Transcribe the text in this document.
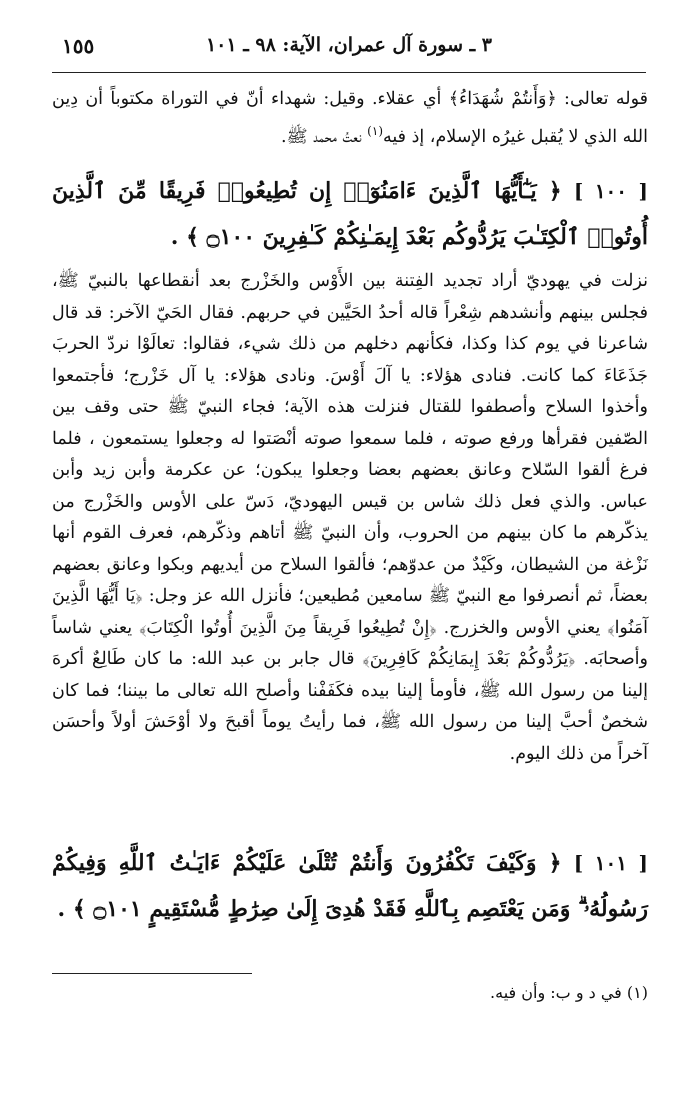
٣ ـ سورة آل عمران، الآية: ٩٨ ـ ١٠١
١٥٥
قوله تعالى: ﴿وَأَنتُمْ شُهَدَاءُ﴾ أي عقلاء. وقيل: شهداء أنّ في التوراة مكتوباً أن دِين الله الذي لا يُقبل غيرُه الإسلام، إذ فيه$^{(١)}$ نعتُ محمد ﷺ.
[ ١٠٠ ] ﴿ يَـٰٓأَيُّهَا ٱلَّذِينَ ءَامَنُوٓا۟ إِن تُطِيعُوا۟ فَرِيقًا مِّنَ ٱلَّذِينَ أُوتُوا۟ ٱلْكِتَـٰبَ يَرُدُّوكُم بَعْدَ إِيمَـٰنِكُمْ كَـٰفِرِينَ ۝١٠٠ ﴾ .
نزلت في يهوديّ أراد تجديد الفِتنة بين الأَوْس والخَزْرج بعد أنقطاعها بالنبيّ ﷺ، فجلس بينهم وأنشدهم شِعْراً قاله أحدُ الحَيَّين في حربهم. فقال الحَيّ الآخر: قد قال شاعرنا في يوم كذا وكذا، فكأنهم دخلهم من ذلك شيء، فقالوا: تعالَوْا نردّ الحربَ جَذَعَاءَ كما كانت. فنادى هؤلاء: يا آلَ أَوْسَ. ونادى هؤلاء: يا آل خَزْرج؛ فأجتمعوا وأخذوا السلاح وأصطفوا للقتال فنزلت هذه الآية؛ فجاء النبيّ ﷺ حتى وقف بين الصّفين فقرأها ورفع صوته ، فلما سمعوا صوته أنْصَتوا له وجعلوا يستمعون ، فلما فرغ ألقوا السّلاح وعانق بعضهم بعضا وجعلوا يبكون؛ عن عكرمة وأبن زيد وأبن عباس. والذي فعل ذلك شاس بن قيس اليهوديّ، دَسّ على الأوس والخَزْرج من يذكّرهم ما كان بينهم من الحروب، وأن النبيّ ﷺ أتاهم وذكّرهم، فعرف القوم أنها نَزْغة من الشيطان، وكَيْدٌ من عدوّهم؛ فألقوا السلاح من أيديهم وبكوا وعانق بعضهم بعضاً، ثم أنصرفوا مع النبيّ ﷺ سامعين مُطيعين؛ فأنزل الله عز وجل: ﴿يَا أَيُّهَا الَّذِينَ آمَنُوا﴾ يعني الأوس والخزرج. ﴿إِنْ تُطِيعُوا فَرِيقاً مِنَ الَّذِينَ أُوتُوا الْكِتَابَ﴾ يعني شاساً وأصحابَه. ﴿يَرُدُّوكُمْ بَعْدَ إِيمَانِكُمْ كَافِرِينَ﴾ قال جابر بن عبد الله: ما كان طَالِعٌ أكرهَ إلينا من رسول الله ﷺ، فأومأ إلينا بيده فكَفَفْنا وأصلح الله تعالى ما بيننا؛ فما كان شخصٌ أحبَّ إلينا من رسول الله ﷺ، فما رأيتُ يوماً أقبحَ ولا أوْحَشَ أولاً وأحسَن آخراً من ذلك اليوم.
[ ١٠١ ] ﴿ وَكَيْفَ تَكْفُرُونَ وَأَنتُمْ تُتْلَىٰ عَلَيْكُمْ ءَايَـٰتُ ٱللَّهِ وَفِيكُمْ رَسُولُهُۥ ۗ وَمَن يَعْتَصِم بِٱللَّهِ فَقَدْ هُدِىَ إِلَىٰ صِرَٰطٍ مُّسْتَقِيمٍ ۝١٠١ ﴾ .
(١) في د و ب: وأن فيه.
